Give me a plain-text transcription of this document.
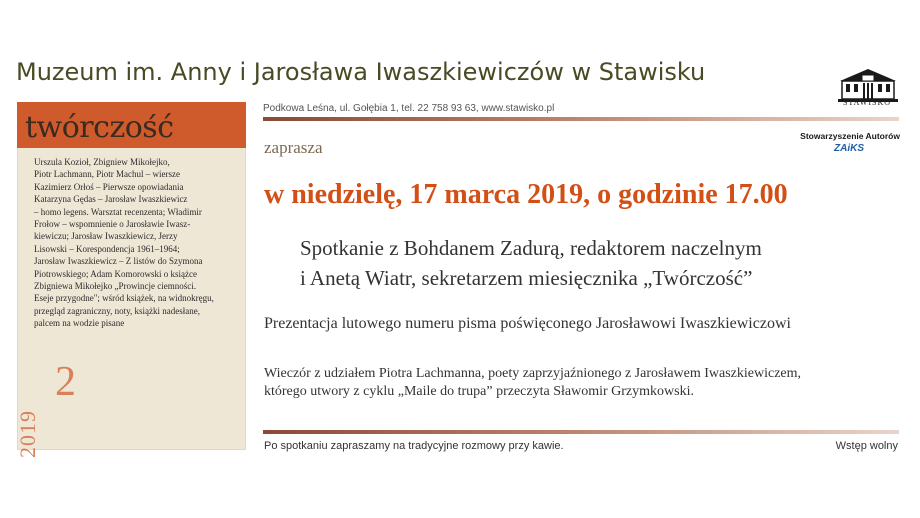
Muzeum im. Anny i Jarosława Iwaszkiewiczów w Stawisku
STAWISKO
Podkowa Leśna, ul. Gołębia 1, tel. 22 758 93 63, www.stawisko.pl
Stowarzyszenie Autorów
ZAiKS
twórczość
Urszula Kozioł, Zbigniew Mikołejko,
Piotr Lachmann, Piotr Machul – wiersze
Kazimierz Orłoś – Pierwsze opowiadania
Katarzyna Gędas – Jarosław Iwaszkiewicz
– homo legens. Warsztat recenzenta; Władimir
Frołow – wspomnienie o Jarosławie Iwasz-
kiewiczu; Jarosław Iwaszkiewicz, Jerzy
Lisowski – Korespondencja 1961–1964;
Jarosław Iwaszkiewicz – Z listów do Szymona
Piotrowskiego; Adam Komorowski o książce
Zbigniewa Mikołejko „Prowincje ciemności.
Eseje przygodne"; wśród książek, na widnokręgu,
przegląd zagraniczny, noty, książki nadesłane,
palcem na wodzie pisane
2
2019
zaprasza
w niedzielę, 17 marca 2019, o godzinie 17.00
Spotkanie z Bohdanem Zadurą, redaktorem naczelnym
i Anetą Wiatr, sekretarzem miesięcznika „Twórczość”
Prezentacja lutowego numeru pisma poświęconego Jarosławowi Iwaszkiewiczowi
Wieczór z udziałem Piotra Lachmanna, poety zaprzyjaźnionego z Jarosławem Iwaszkiewiczem,
którego utwory z cyklu „Maile do trupa” przeczyta Sławomir Grzymkowski.
Po spotkaniu zapraszamy na tradycyjne rozmowy przy kawie.	Wstęp wolny
